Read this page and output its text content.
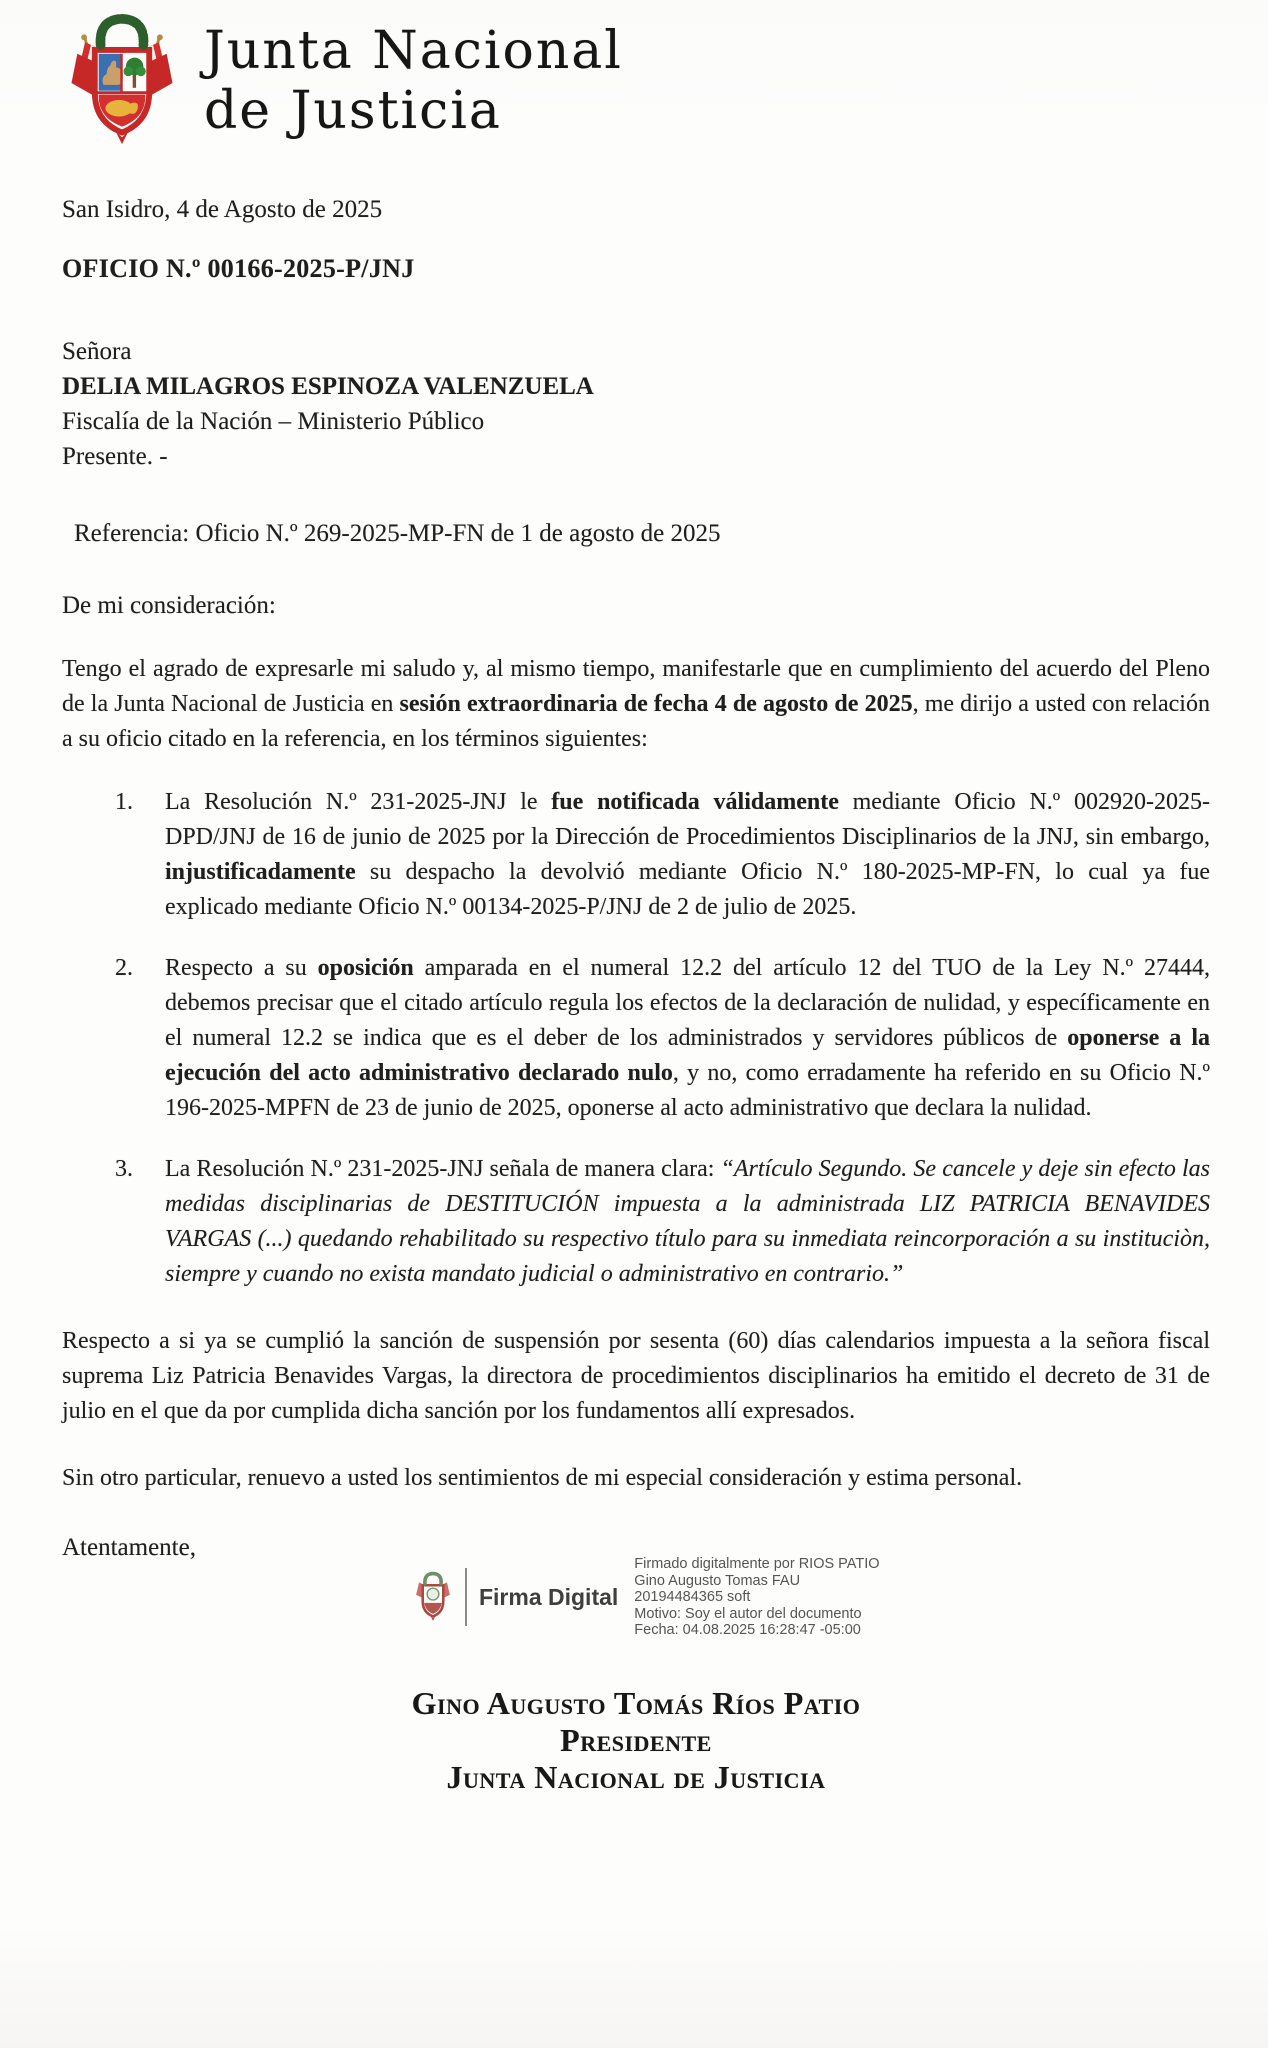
Junta Nacional
de Justicia
San Isidro, 4 de Agosto de 2025
OFICIO N.º 00166-2025-P/JNJ
Señora
DELIA MILAGROS ESPINOZA VALENZUELA
Fiscalía de la Nación – Ministerio Público
Presente. -
Referencia: Oficio N.º 269-2025-MP-FN de 1 de agosto de 2025
De mi consideración:

Tengo el agrado de expresarle mi saludo y, al mismo tiempo, manifestarle que en cumplimiento del acuerdo del Pleno de la Junta Nacional de Justicia en sesión extraordinaria de fecha 4 de agosto de 2025, me dirijo a usted con relación a su oficio citado en la referencia, en los términos siguientes:

1.	La Resolución N.º 231-2025-JNJ le fue notificada válidamente mediante Oficio N.º 002920-2025-DPD/JNJ de 16 de junio de 2025 por la Dirección de Procedimientos Disciplinarios de la JNJ, sin embargo, injustificadamente su despacho la devolvió mediante Oficio N.º 180-2025-MP-FN, lo cual ya fue explicado mediante Oficio N.º 00134-2025-P/JNJ de 2 de julio de 2025.
2.	Respecto a su oposición amparada en el numeral 12.2 del artículo 12 del TUO de la Ley N.º 27444, debemos precisar que el citado artículo regula los efectos de la declaración de nulidad, y específicamente en el numeral 12.2 se indica que es el deber de los administrados y servidores públicos de oponerse a la ejecución del acto administrativo declarado nulo, y no, como erradamente ha referido en su Oficio N.º 196-2025-MPFN de 23 de junio de 2025, oponerse al acto administrativo que declara la nulidad.
3.	La Resolución N.º 231-2025-JNJ señala de manera clara: “Artículo Segundo. Se cancele y deje sin efecto las medidas disciplinarias de DESTITUCIÓN impuesta a la administrada LIZ PATRICIA BENAVIDES VARGAS (...) quedando rehabilitado su respectivo título para su inmediata reincorporación a su instituciòn, siempre y cuando no exista mandato judicial o administrativo en contrario.”

Respecto a si ya se cumplió la sanción de suspensión por sesenta (60) días calendarios impuesta a la señora fiscal suprema Liz Patricia Benavides Vargas, la directora de procedimientos disciplinarios ha emitido el decreto de 31 de julio en el que da por cumplida dicha sanción por los fundamentos allí expresados.

Sin otro particular, renuevo a usted los sentimientos de mi especial consideración y estima personal.

Atentamente,
Firma Digital
Firmado digitalmente por RIOS PATIO
Gino Augusto Tomas FAU
20194484365 soft
Motivo: Soy el autor del documento
Fecha: 04.08.2025 16:28:47 -05:00
Gino Augusto Tomás Ríos Patio
Presidente
Junta Nacional de Justicia
